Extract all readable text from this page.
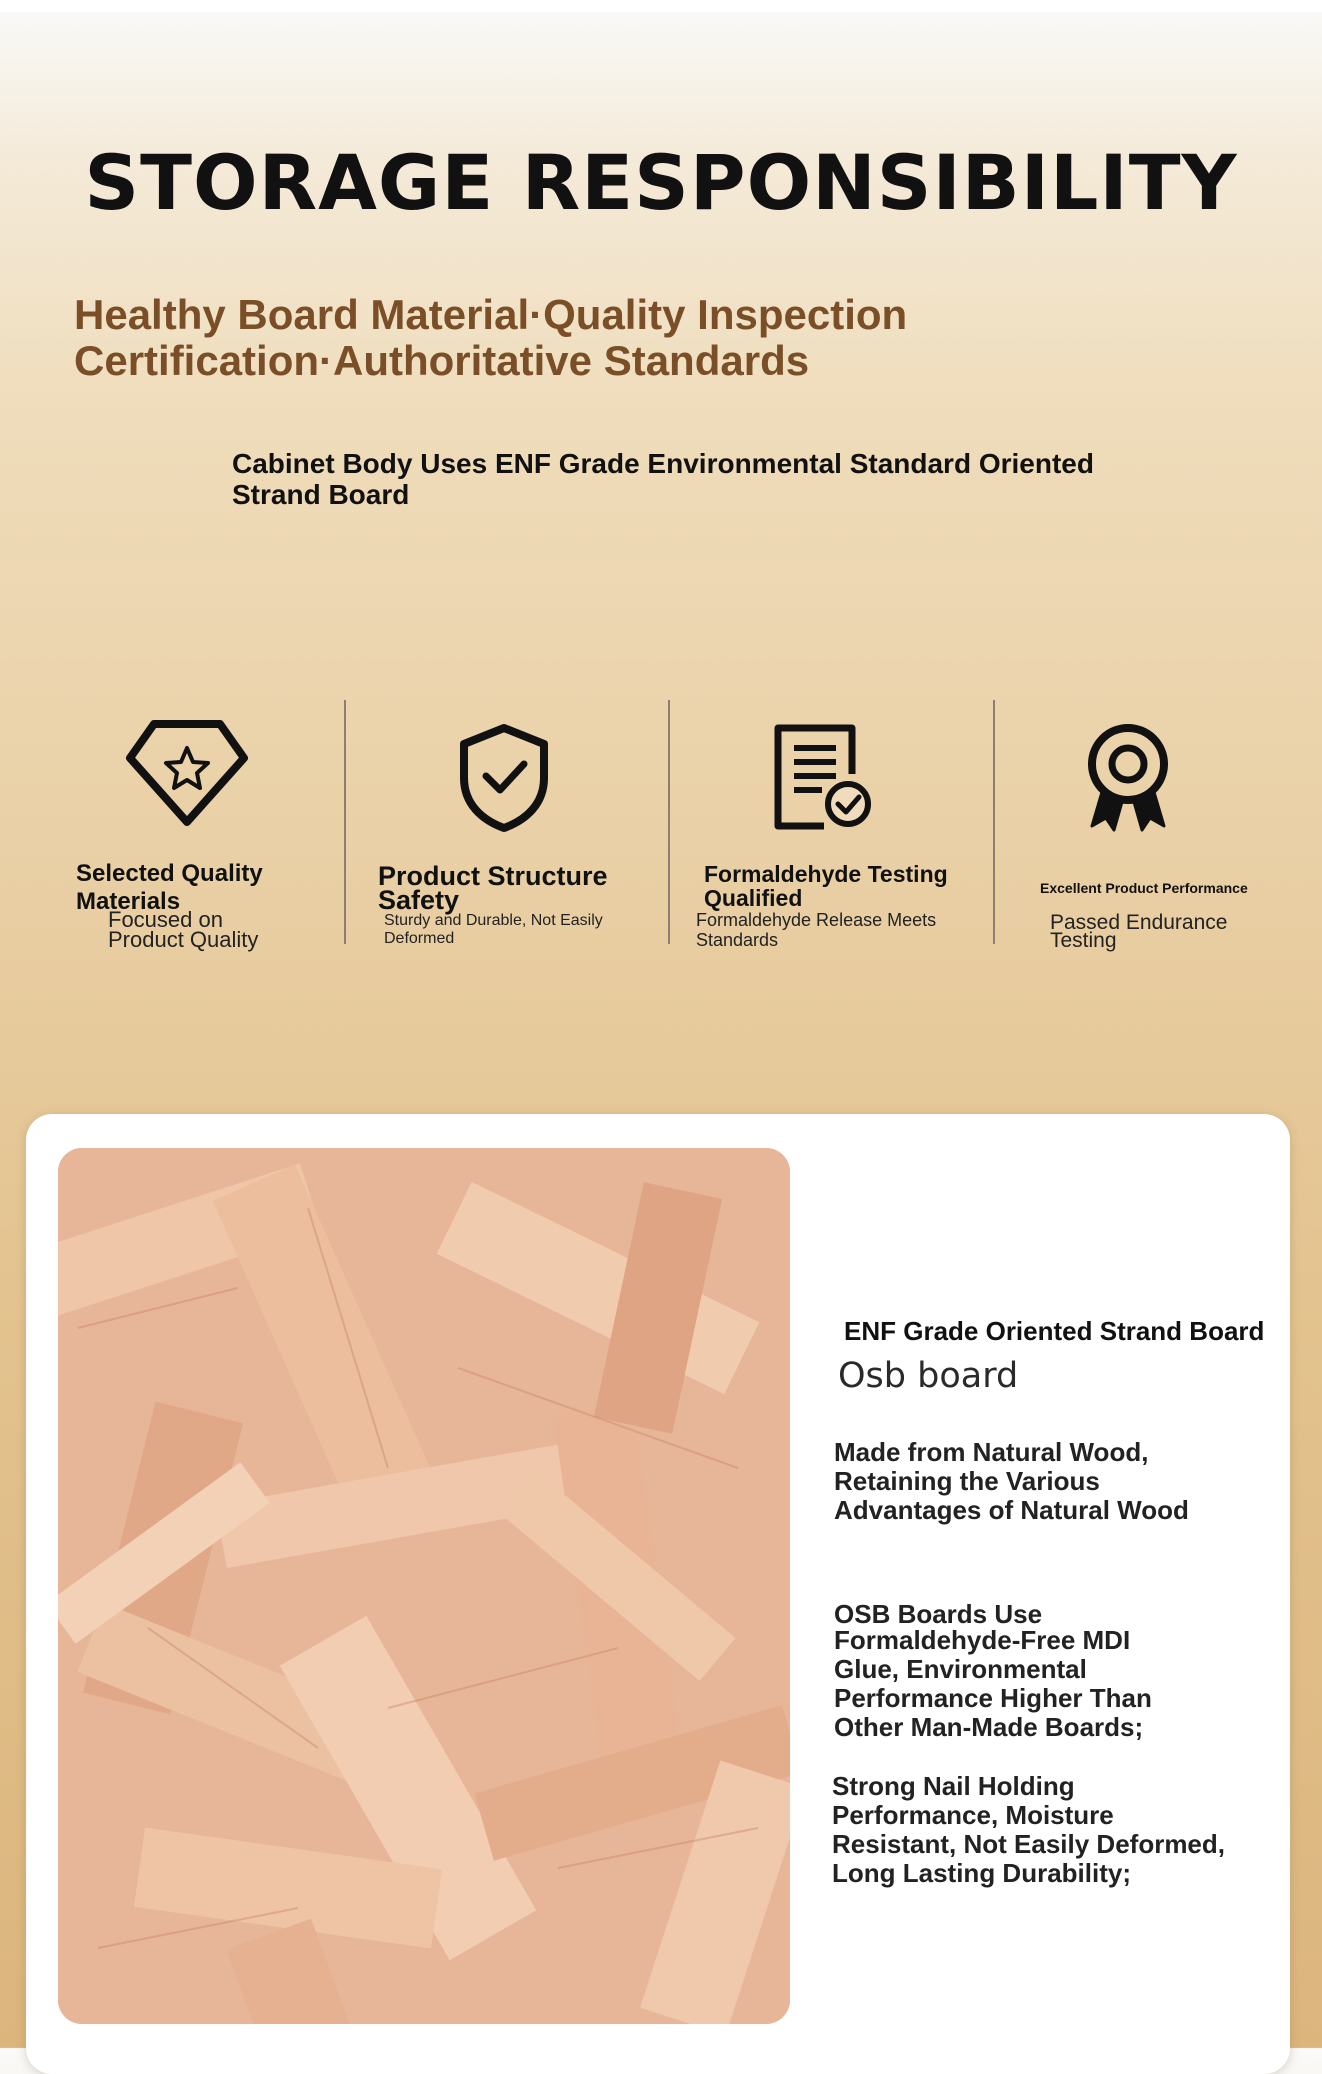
STORAGE RESPONSIBILITY
Healthy Board Material·Quality Inspection
Certification·Authoritative Standards
Cabinet Body Uses ENF Grade Environmental Standard Oriented
Strand Board
Selected Quality
Materials
Focused on
Product Quality
Product Structure
Safety
Sturdy and Durable, Not Easily
Deformed
Formaldehyde Testing
Qualified
Formaldehyde Release Meets
Standards
Excellent Product Performance
Passed Endurance
Testing
ENF Grade Oriented Strand Board
Osb board
Made from Natural Wood,
Retaining the Various
Advantages of Natural Wood
OSB Boards Use
Formaldehyde-Free MDI
Glue, Environmental
Performance Higher Than
Other Man-Made Boards;
Strong Nail Holding
Performance, Moisture
Resistant, Not Easily Deformed,
Long Lasting Durability;
